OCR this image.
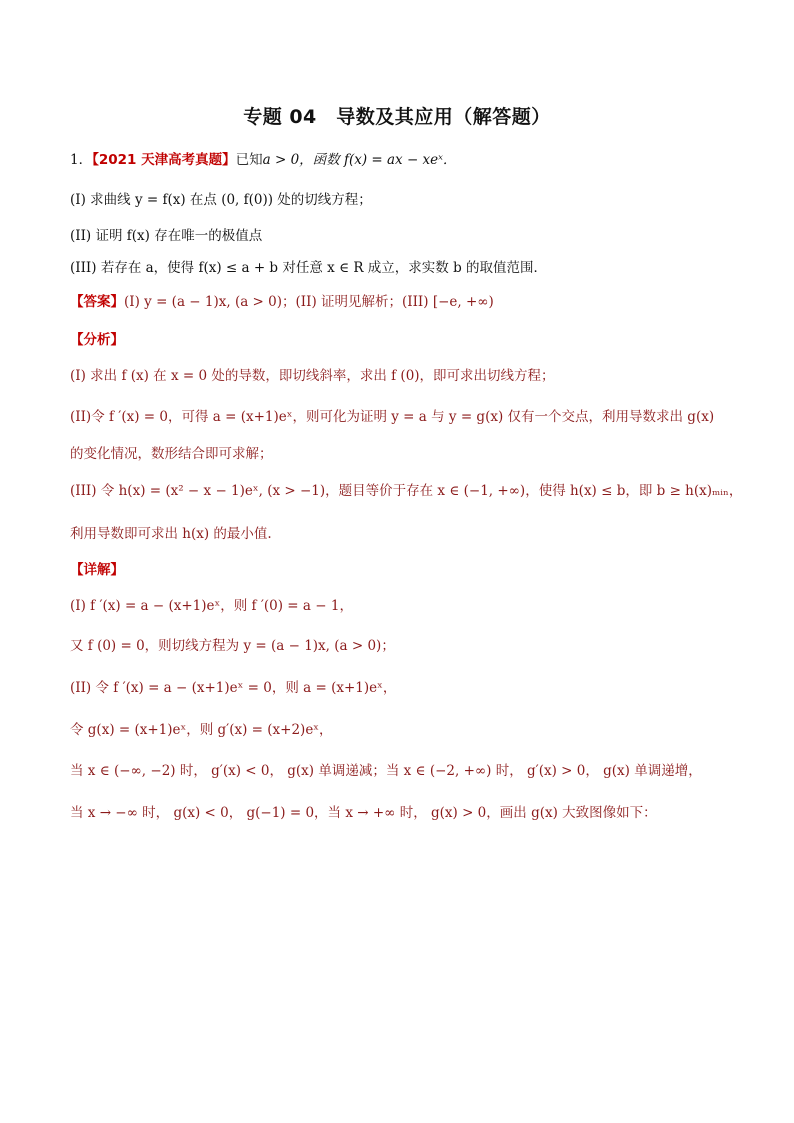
专题 04　导数及其应用（解答题）
1．【2021 天津高考真题】已知a > 0，函数 f(x) = ax − xeˣ．
(I) 求曲线 y = f(x) 在点 (0, f(0)) 处的切线方程；
(II) 证明 f(x) 存在唯一的极值点
(III) 若存在 a，使得 f(x) ≤ a + b 对任意 x ∈ R 成立，求实数 b 的取值范围．
【答案】(I) y = (a − 1)x, (a > 0)；(II) 证明见解析；(III) [−e, +∞)
【分析】
(I) 求出 f (x) 在 x = 0 处的导数，即切线斜率，求出 f (0)，即可求出切线方程；
(II)令 f ′(x) = 0，可得 a = (x+1)eˣ，则可化为证明 y = a 与 y = g(x) 仅有一个交点，利用导数求出 g(x)
的变化情况，数形结合即可求解；
(III) 令 h(x) = (x² − x − 1)eˣ, (x > −1)，题目等价于存在 x ∈ (−1, +∞)，使得 h(x) ≤ b，即 b ≥ h(x)ₘᵢₙ，
利用导数即可求出 h(x) 的最小值.
【详解】
(I) f ′(x) = a − (x+1)eˣ，则 f ′(0) = a − 1，
又 f (0) = 0，则切线方程为 y = (a − 1)x, (a > 0)；
(II) 令 f ′(x) = a − (x+1)eˣ = 0，则 a = (x+1)eˣ，
令 g(x) = (x+1)eˣ，则 g′(x) = (x+2)eˣ，
当 x ∈ (−∞, −2) 时， g′(x) < 0， g(x) 单调递减；当 x ∈ (−2, +∞) 时， g′(x) > 0， g(x) 单调递增，
当 x → −∞ 时， g(x) < 0， g(−1) = 0，当 x → +∞ 时， g(x) > 0，画出 g(x) 大致图像如下：
